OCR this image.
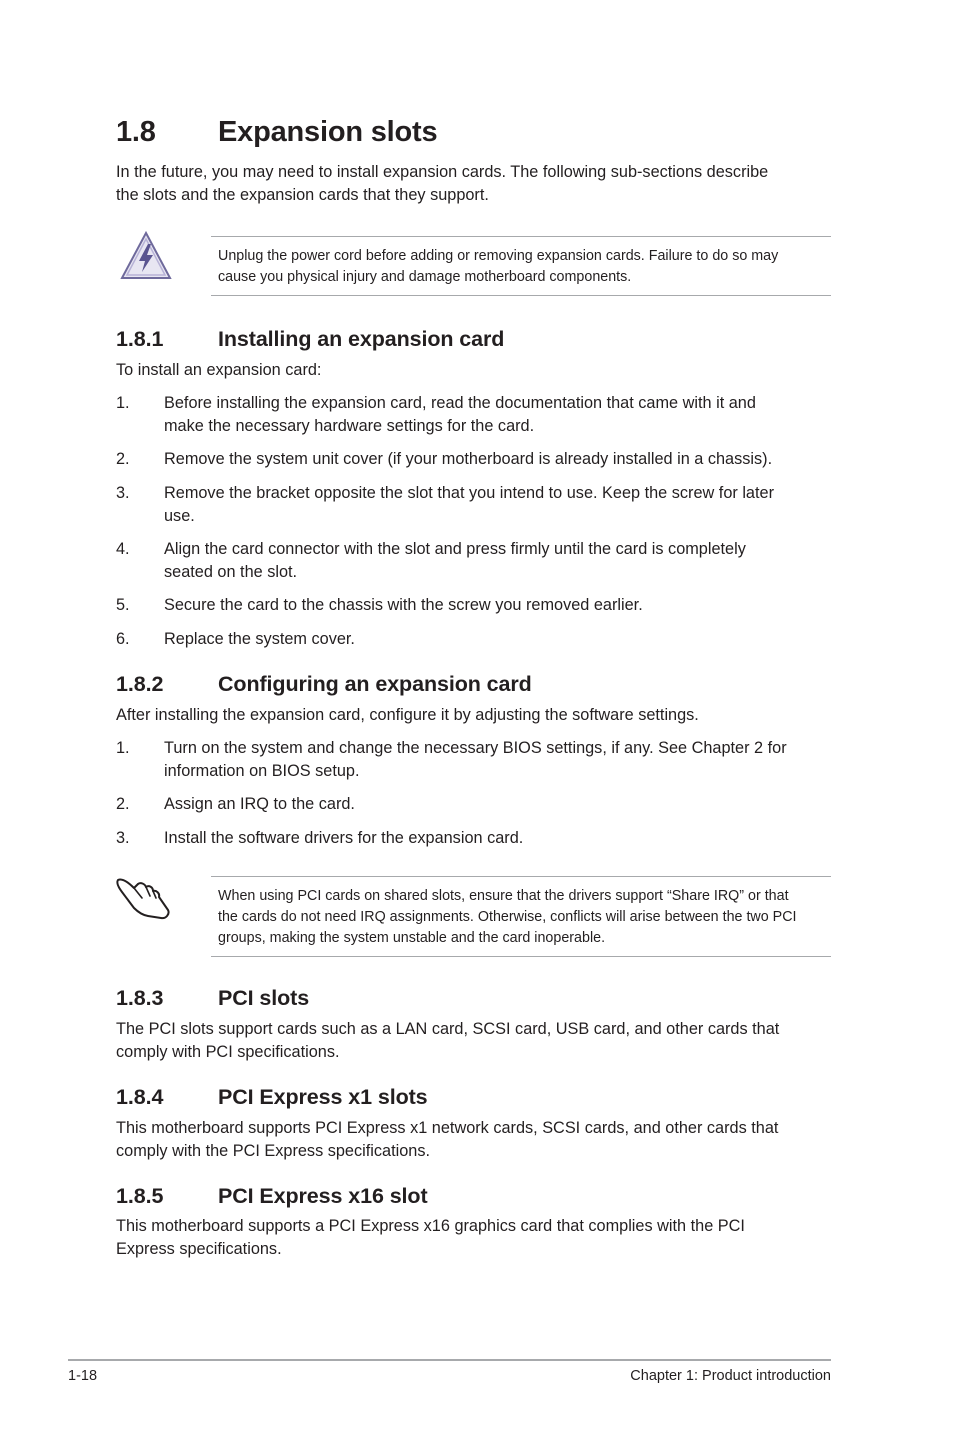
1.8 Expansion slots
In the future, you may need to install expansion cards. The following sub-sections describe
the slots and the expansion cards that they support.
Unplug the power cord before adding or removing expansion cards. Failure to do so may
cause you physical injury and damage motherboard components.
1.8.1	Installing an expansion card
To install an expansion card:
1. Before installing the expansion card, read the documentation that came with it and
make the necessary hardware settings for the card.
2. Remove the system unit cover (if your motherboard is already installed in a chassis).
3. Remove the bracket opposite the slot that you intend to use. Keep the screw for later
use.
4. Align the card connector with the slot and press firmly until the card is completely
seated on the slot.
5. Secure the card to the chassis with the screw you removed earlier.
6. Replace the system cover.
1.8.2	Configuring an expansion card
After installing the expansion card, configure it by adjusting the software settings.
1. Turn on the system and change the necessary BIOS settings, if any. See Chapter 2 for
information on BIOS setup.
2. Assign an IRQ to the card.
3. Install the software drivers for the expansion card.
When using PCI cards on shared slots, ensure that the drivers support “Share IRQ” or that
the cards do not need IRQ assignments. Otherwise, conflicts will arise between the two PCI
groups, making the system unstable and the card inoperable.
1.8.3	PCI slots
The PCI slots support cards such as a LAN card, SCSI card, USB card, and other cards that
comply with PCI specifications.
1.8.4	PCI Express x1 slots
This motherboard supports PCI Express x1 network cards, SCSI cards, and other cards that
comply with the PCI Express specifications.
1.8.5	PCI Express x16 slot
This motherboard supports a PCI Express x16 graphics card that complies with the PCI
Express specifications.
1-18	Chapter 1: Product introduction
